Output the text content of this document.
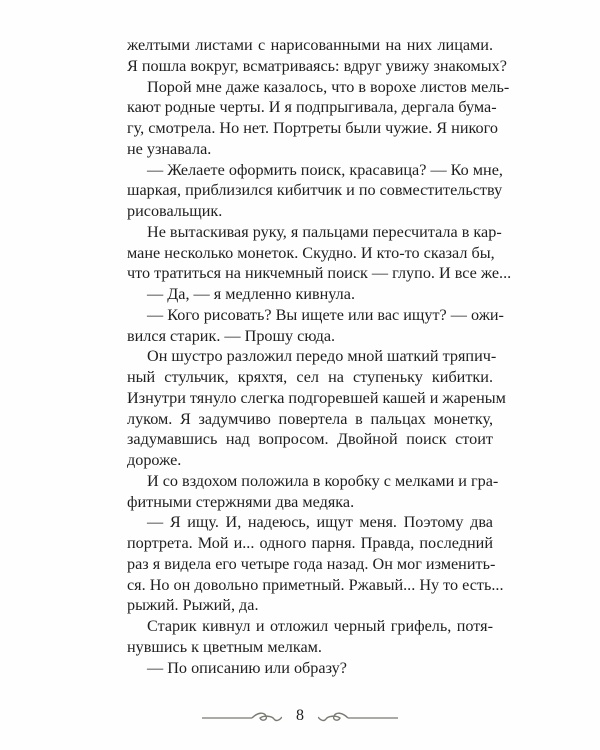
желтыми листами с нарисованными на них лицами.
Я пошла вокруг, всматриваясь: вдруг увижу знакомых?
Порой мне даже казалось, что в ворохе листов мель-
кают родные черты. И я подпрыгивала, дергала бума-
гу, смотрела. Но нет. Портреты были чужие. Я никого
не узнавала.
— Желаете оформить поиск, красавица? — Ко мне,
шаркая, приблизился кибитчик и по совместительству
рисовальщик.
Не вытаскивая руку, я пальцами пересчитала в кар-
мане несколько монеток. Скудно. И кто-то сказал бы,
что тратиться на никчемный поиск — глупо. И все же...
— Да, — я медленно кивнула.
— Кого рисовать? Вы ищете или вас ищут? — ожи-
вился старик. — Прошу сюда.
Он шустро разложил передо мной шаткий тряпич-
ный стульчик, кряхтя, сел на ступеньку кибитки.
Изнутри тянуло слегка подгоревшей кашей и жареным
луком. Я задумчиво повертела в пальцах монетку,
задумавшись над вопросом. Двойной поиск стоит
дороже.
И со вздохом положила в коробку с мелками и гра-
фитными стержнями два медяка.
— Я ищу. И, надеюсь, ищут меня. Поэтому два
портрета. Мой и... одного парня. Правда, последний
раз я видела его четыре года назад. Он мог изменить-
ся. Но он довольно приметный. Ржавый... Ну то есть...
рыжий. Рыжий, да.
Старик кивнул и отложил черный грифель, потя-
нувшись к цветным мелкам.
— По описанию или образу?
8
